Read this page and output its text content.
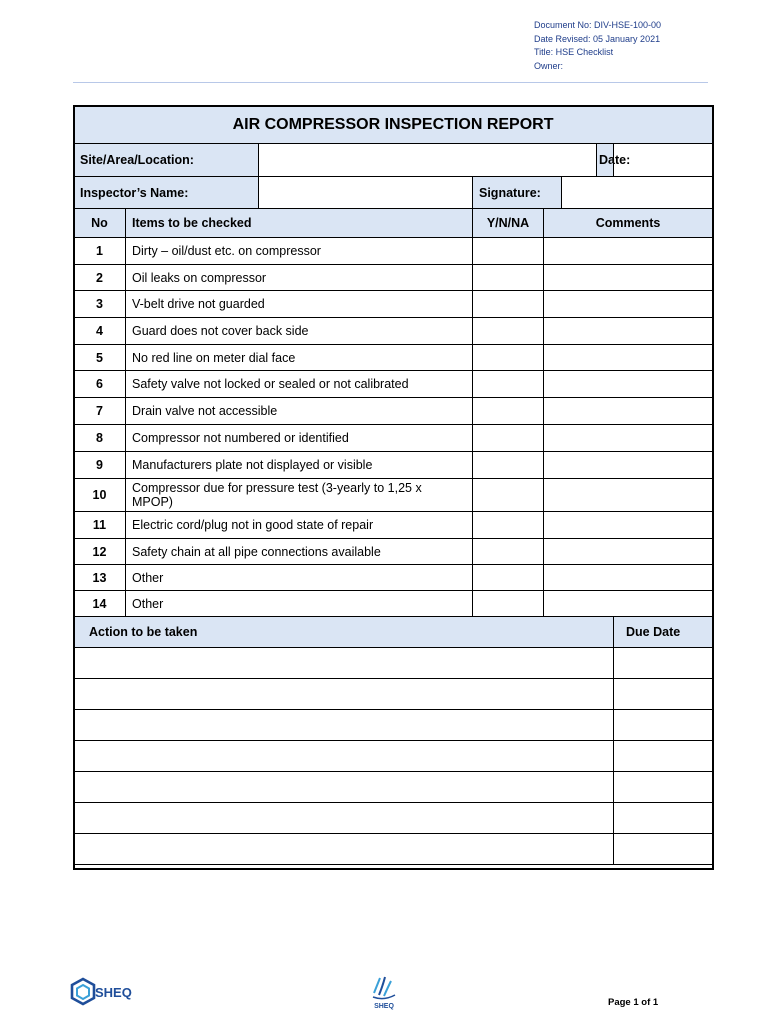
Document No: DIV-HSE-100-00
Date Revised: 05 January 2021
Title: HSE Checklist
Owner:
AIR COMPRESSOR INSPECTION REPORT							
Site/Area/Location:						Date:	
Inspector’s Name:			Signature:				
No	Items to be checked		Y/N/NA	Comments			
1	Dirty – oil/dust etc. on compressor						
2	Oil leaks on compressor						
3	V-belt drive not guarded						
4	Guard does not cover back side						
5	No red line on meter dial face						
6	Safety valve not locked or sealed or not calibrated						
7	Drain valve not accessible						
8	Compressor not numbered or identified						
9	Manufacturers plate not displayed or visible						
10	Compressor due for pressure test (3-yearly to 1,25 x MPOP)						
11	Electric cord/plug not in good state of repair						
12	Safety chain at all pipe connections available						
13	Other						
14	Other						
Action to be taken							Due Date

SHEQ
SHEQ	Page 1 of 1
